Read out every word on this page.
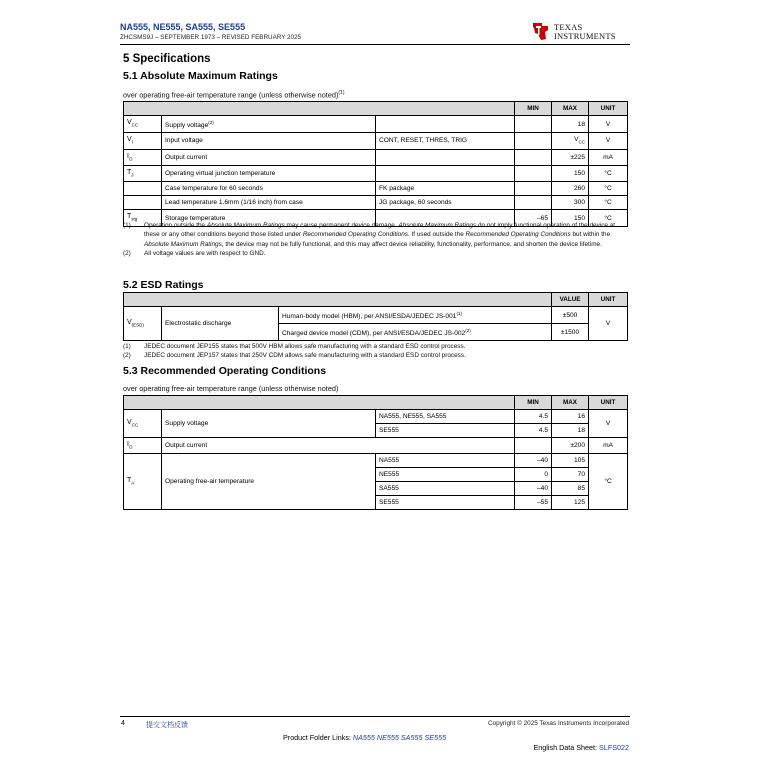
NA555, NE555, SA555, SE555
ZHCSMS9J – SEPTEMBER 1973 – REVISED FEBRUARY 2025
TEXAS
INSTRUMENTS
5 Specifications
5.1 Absolute Maximum Ratings
over operating free-air temperature range (unless otherwise noted)$^{(1)}$
			MIN	MAX	UNIT
$V_{CC}$	Supply voltage$^{(2)}$			18	V
$V_I$	Input voltage	CONT, RESET, THRES, TRIG		$V_{CC}$	V
$I_O$	Output current			±225	mA
$T_J$	Operating virtual junction temperature			150	°C
	Case temperature for 60 seconds	FK package		260	°C
	Lead temperature 1.6mm (1/16 inch) from case	JG package, 60 seconds		300	°C
$T_{stg}$	Storage temperature		–65	150	°C
(1)	Operation outside the Absolute Maximum Ratings may cause permanent device damage. Absolute Maximum Ratings do not imply functional operation of the device at these or any other conditions beyond those listed under Recommended Operating Conditions. If used outside the Recommended Operating Conditions but within the Absolute Maximum Ratings, the device may not be fully functional, and this may affect device reliability, functionality, performance, and shorten the device lifetime.
(2)	All voltage values are with respect to GND.
5.2 ESD Ratings
			VALUE	UNIT
$V_{(ESD)}$	Electrostatic discharge	Human-body model (HBM), per ANSI/ESDA/JEDEC $JS-001^{(1)}$	±500	V
		Charged device model (CDM), per ANSI/ESDA/JEDEC $JS-002^{(2)}$	±1500	
(1)	JEDEC document JEP155 states that 500V HBM allows safe manufacturing with a standard ESD control process.
(2)	JEDEC document JEP157 states that 250V CDM allows safe manufacturing with a standard ESD control process.
5.3 Recommended Operating Conditions
over operating free-air temperature range (unless otherwise noted)
			MIN	MAX	UNIT
$V_{CC}$	Supply voltage	NA555, NE555, SA555	4.5	16	V
		SE555	4.5	18	
$I_O$	Output current			±200	mA
$T_A$	Operating free-air temperature	NA555	–40	105	°C
		NE555	0	70	
		SA555	–40	85	
		SE555	–55	125	
4	提交文档反馈	Copyright © 2025 Texas Instruments Incorporated
Product Folder Links: NA555 NE555 SA555 SE555
English Data Sheet: SLFS022
